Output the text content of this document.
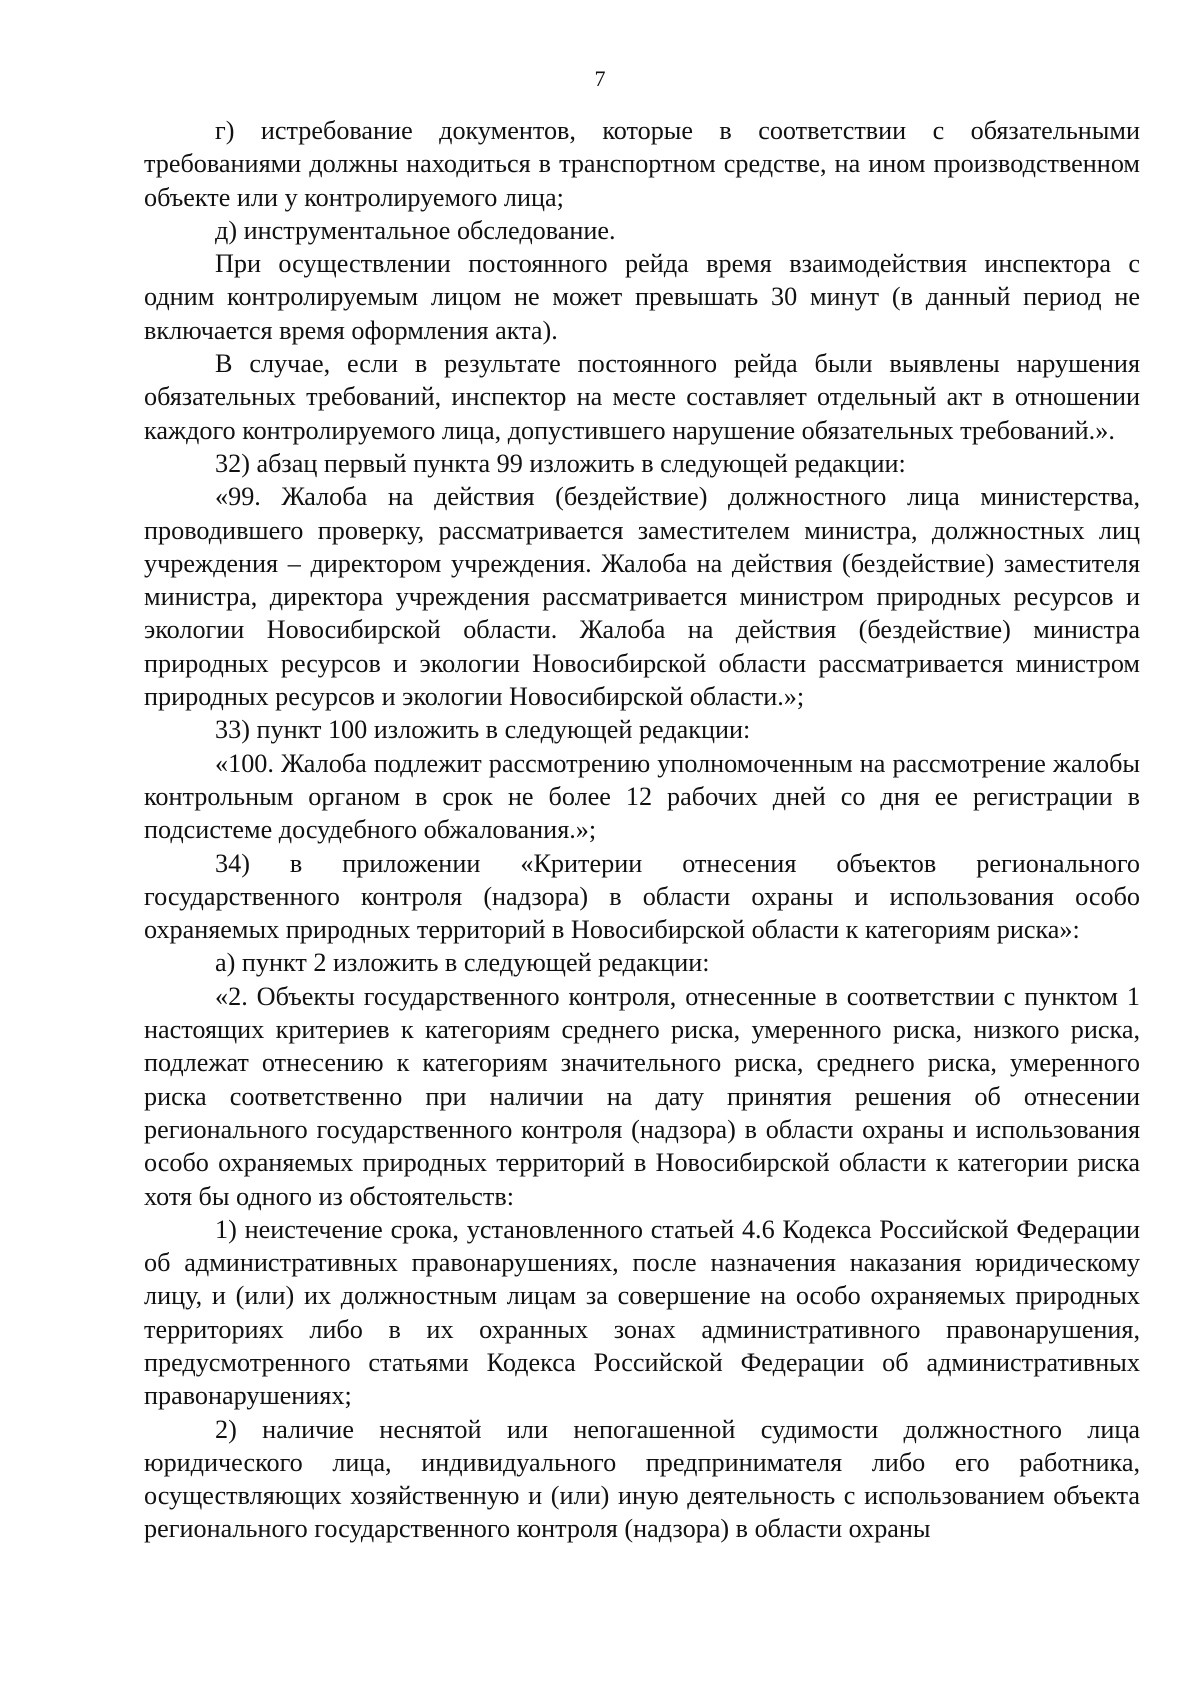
7

г) истребование документов, которые в соответствии с обязательными требованиями должны находиться в транспортном средстве, на ином производственном объекте или у контролируемого лица;

д) инструментальное обследование.

При осуществлении постоянного рейда время взаимодействия инспектора с одним контролируемым лицом не может превышать 30 минут (в данный период не включается время оформления акта).

В случае, если в результате постоянного рейда были выявлены нарушения обязательных требований, инспектор на месте составляет отдельный акт в отношении каждого контролируемого лица, допустившего нарушение обязательных требований.».

32) абзац первый пункта 99 изложить в следующей редакции:

«99. Жалоба на действия (бездействие) должностного лица министерства, проводившего проверку, рассматривается заместителем министра, должностных лиц учреждения – директором учреждения. Жалоба на действия (бездействие) заместителя министра, директора учреждения рассматривается министром природных ресурсов и экологии Новосибирской области. Жалоба на действия (бездействие) министра природных ресурсов и экологии Новосибирской области рассматривается министром природных ресурсов и экологии Новосибирской области.»;

33) пункт 100 изложить в следующей редакции:

«100. Жалоба подлежит рассмотрению уполномоченным на рассмотрение жалобы контрольным органом в срок не более 12 рабочих дней со дня ее регистрации в подсистеме досудебного обжалования.»;

34) в приложении «Критерии отнесения объектов регионального государственного контроля (надзора) в области охраны и использования особо охраняемых природных территорий в Новосибирской области к категориям риска»:

а) пункт 2 изложить в следующей редакции:

«2. Объекты государственного контроля, отнесенные в соответствии с пунктом 1 настоящих критериев к категориям среднего риска, умеренного риска, низкого риска, подлежат отнесению к категориям значительного риска, среднего риска, умеренного риска соответственно при наличии на дату принятия решения об отнесении регионального государственного контроля (надзора) в области охраны и использования особо охраняемых природных территорий в Новосибирской области к категории риска хотя бы одного из обстоятельств:

1) неистечение срока, установленного статьей 4.6 Кодекса Российской Федерации об административных правонарушениях, после назначения наказания юридическому лицу, и (или) их должностным лицам за совершение на особо охраняемых природных территориях либо в их охранных зонах административного правонарушения, предусмотренного статьями Кодекса Российской Федерации об административных правонарушениях;

2) наличие неснятой или непогашенной судимости должностного лица юридического лица, индивидуального предпринимателя либо его работника, осуществляющих хозяйственную и (или) иную деятельность с использованием объекта регионального государственного контроля (надзора) в области охраны
